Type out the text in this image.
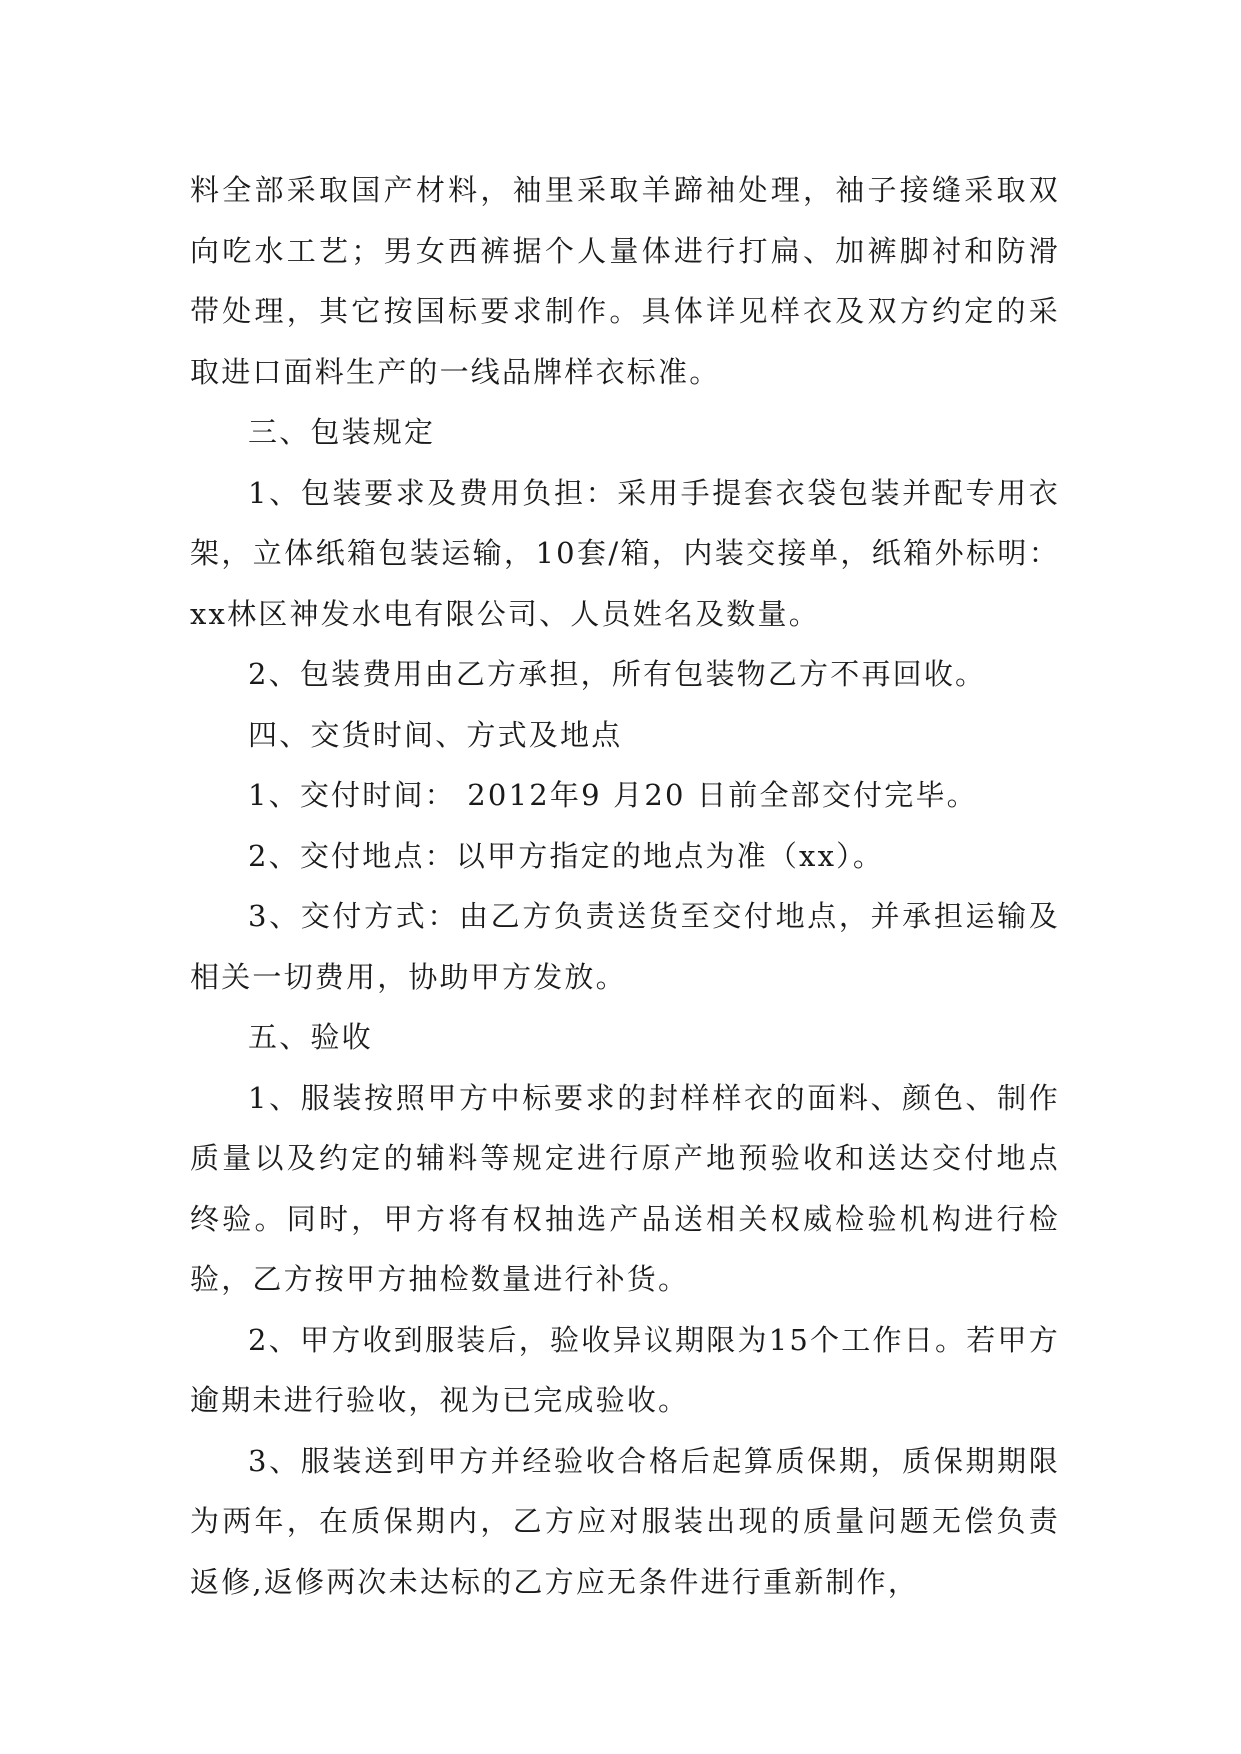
料全部采取国产材料，袖里采取羊蹄袖处理，袖子接缝采取双向吃水工艺；男女西裤据个人量体进行打扁、加裤脚衬和防滑带处理，其它按国标要求制作。具体详见样衣及双方约定的采取进口面料生产的一线品牌样衣标准。

三、包装规定

1、包装要求及费用负担：采用手提套衣袋包装并配专用衣架，立体纸箱包装运输，10套/箱，内装交接单，纸箱外标明：xx林区神发水电有限公司、人员姓名及数量。

2、包装费用由乙方承担，所有包装物乙方不再回收。

四、交货时间、方式及地点

1、交付时间： 2012年9 月20 日前全部交付完毕。

2、交付地点：以甲方指定的地点为准（xx）。

3、交付方式：由乙方负责送货至交付地点，并承担运输及相关一切费用，协助甲方发放。

五、验收

1、服装按照甲方中标要求的封样样衣的面料、颜色、制作质量以及约定的辅料等规定进行原产地预验收和送达交付地点终验。同时，甲方将有权抽选产品送相关权威检验机构进行检验，乙方按甲方抽检数量进行补货。

2、甲方收到服装后，验收异议期限为15个工作日。若甲方逾期未进行验收，视为已完成验收。

3、服装送到甲方并经验收合格后起算质保期，质保期期限为两年，在质保期内，乙方应对服装出现的质量问题无偿负责返修,返修两次未达标的乙方应无条件进行重新制作，
